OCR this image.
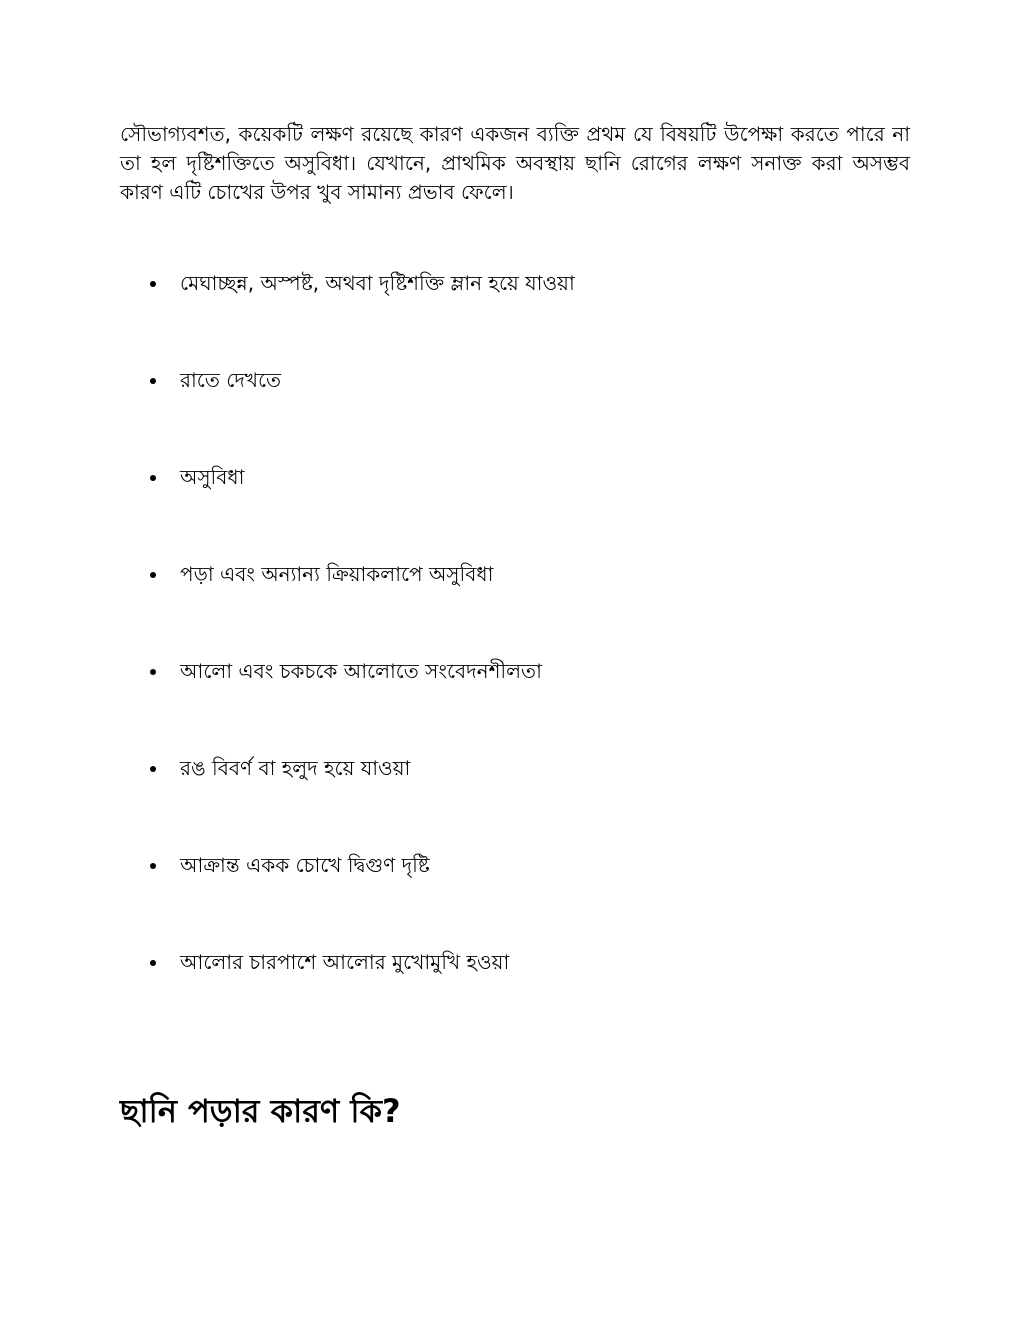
সৌভাগ্যবশত, কয়েকটি লক্ষণ রয়েছে কারণ একজন ব্যক্তি প্রথম যে বিষয়টি উপেক্ষা করতে পারে না তা হল দৃষ্টিশক্তিতে অসুবিধা। যেখানে, প্রাথমিক অবস্থায় ছানি রোগের লক্ষণ সনাক্ত করা অসম্ভব কারণ এটি চোখের উপর খুব সামান্য প্রভাব ফেলে।

মেঘাচ্ছন্ন, অস্পষ্ট, অথবা দৃষ্টিশক্তি ম্লান হয়ে যাওয়া
রাতে দেখতে
অসুবিধা
পড়া এবং অন্যান্য ক্রিয়াকলাপে অসুবিধা
আলো এবং চকচকে আলোতে সংবেদনশীলতা
রঙ বিবর্ণ বা হলুদ হয়ে যাওয়া
আক্রান্ত একক চোখে দ্বিগুণ দৃষ্টি
আলোর চারপাশে আলোর মুখোমুখি হওয়া
ছানি পড়ার কারণ কি?
